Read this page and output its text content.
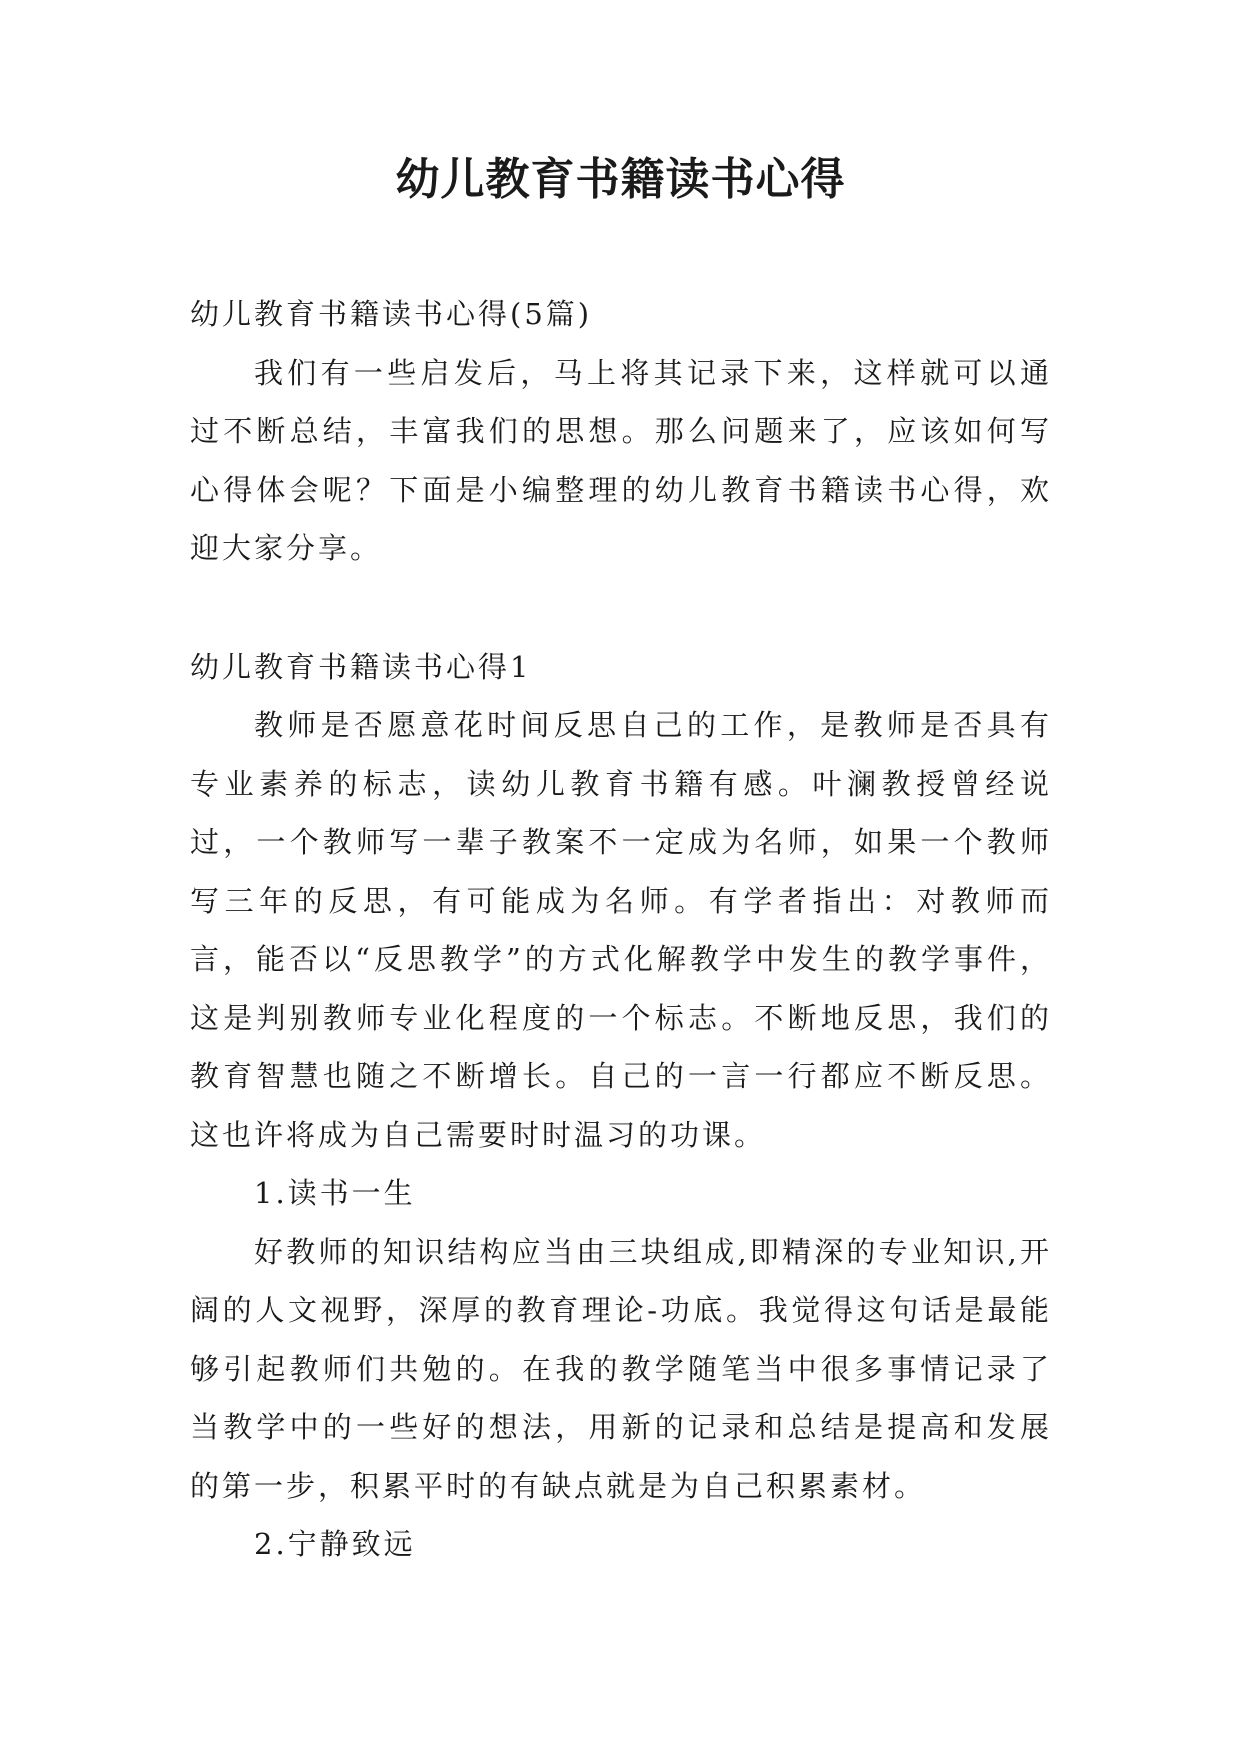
幼儿教育书籍读书心得

幼儿教育书籍读书心得(5篇)

我们有一些启发后，马上将其记录下来，这样就可以通过不断总结，丰富我们的思想。那么问题来了，应该如何写心得体会呢？下面是小编整理的幼儿教育书籍读书心得，欢迎大家分享。

幼儿教育书籍读书心得1

教师是否愿意花时间反思自己的工作，是教师是否具有专业素养的标志，读幼儿教育书籍有感。叶澜教授曾经说过，一个教师写一辈子教案不一定成为名师，如果一个教师写三年的反思，有可能成为名师。有学者指出：对教师而言，能否以“反思教学”的方式化解教学中发生的教学事件，这是判别教师专业化程度的一个标志。不断地反思，我们的教育智慧也随之不断增长。自己的一言一行都应不断反思。这也许将成为自己需要时时温习的功课。

1.读书一生

好教师的知识结构应当由三块组成,即精深的专业知识,开阔的人文视野，深厚的教育理论-功底。我觉得这句话是最能够引起教师们共勉的。在我的教学随笔当中很多事情记录了当教学中的一些好的想法，用新的记录和总结是提高和发展的第一步，积累平时的有缺点就是为自己积累素材。

2.宁静致远
